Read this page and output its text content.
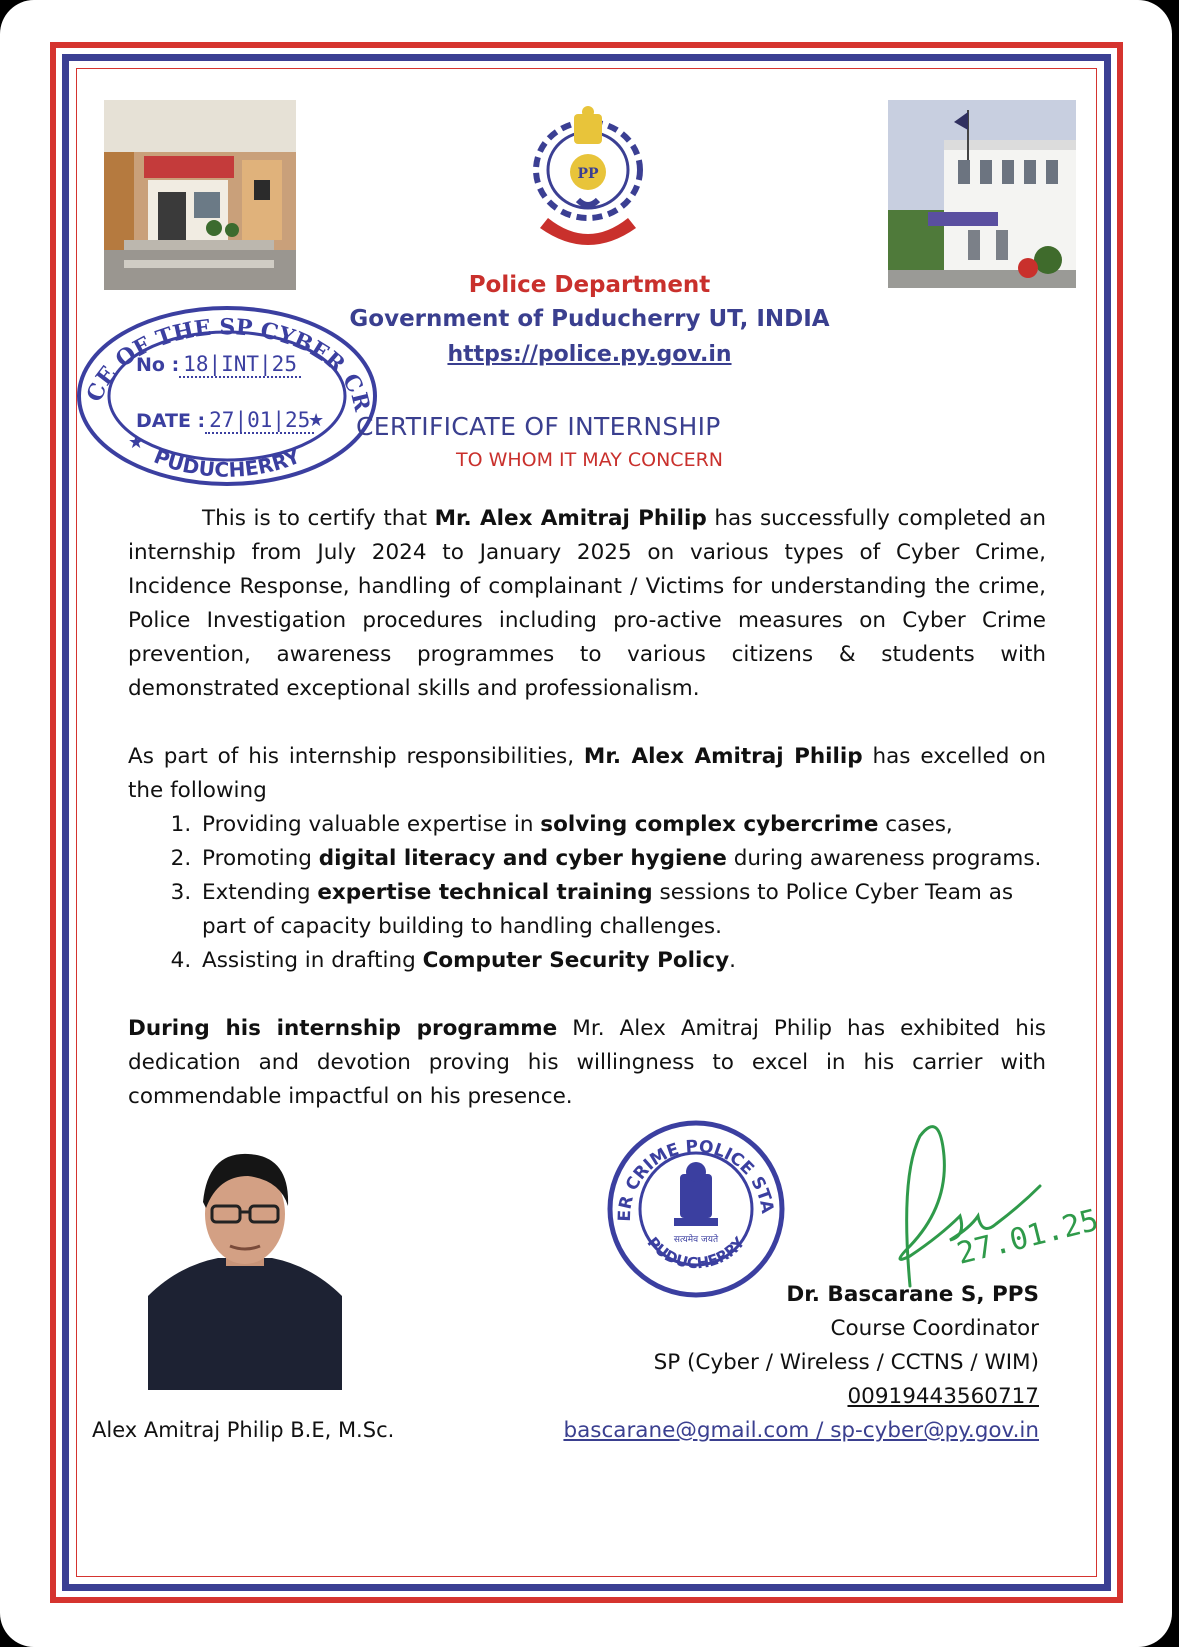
PP
Police Department
Government of Puducherry UT, INDIA
https://police.py.gov.in
CE OF THE SP CYBER CR
PUDUCHERRY
★
★
No : 18|INT|25
DATE : 27|01|25 CERTIFICATE OF INTERNSHIP
TO WHOM IT MAY CONCERN
This is to certify that Mr. Alex Amitraj Philip has successfully completed an internship from July 2024 to January 2025 on various types of Cyber Crime, Incidence Response, handling of complainant / Victims for understanding the crime, Police Investigation procedures including pro-active measures on Cyber Crime prevention, awareness programmes to various citizens & students with demonstrated exceptional skills and professionalism.
As part of his internship responsibilities, Mr. Alex Amitraj Philip has excelled on the following
1. Providing valuable expertise in solving complex cybercrime cases,
2. Promoting digital literacy and cyber hygiene during awareness programs.
3. Extending expertise technical training sessions to Police Cyber Team as part of capacity building to handling challenges.
4. Assisting in drafting Computer Security Policy.
During his internship programme Mr. Alex Amitraj Philip has exhibited his dedication and devotion proving his willingness to excel in his carrier with commendable impactful on his presence.
Alex Amitraj Philip B.E, M.Sc.
ER CRIME POLICE STA
PUDUCHERRY
सत्यमेव जयते	27.01.25
Dr. Bascarane S, PPS
Course Coordinator
SP (Cyber / Wireless / CCTNS / WIM)
00919443560717
bascarane@gmail.com / sp-cyber@py.gov.in
